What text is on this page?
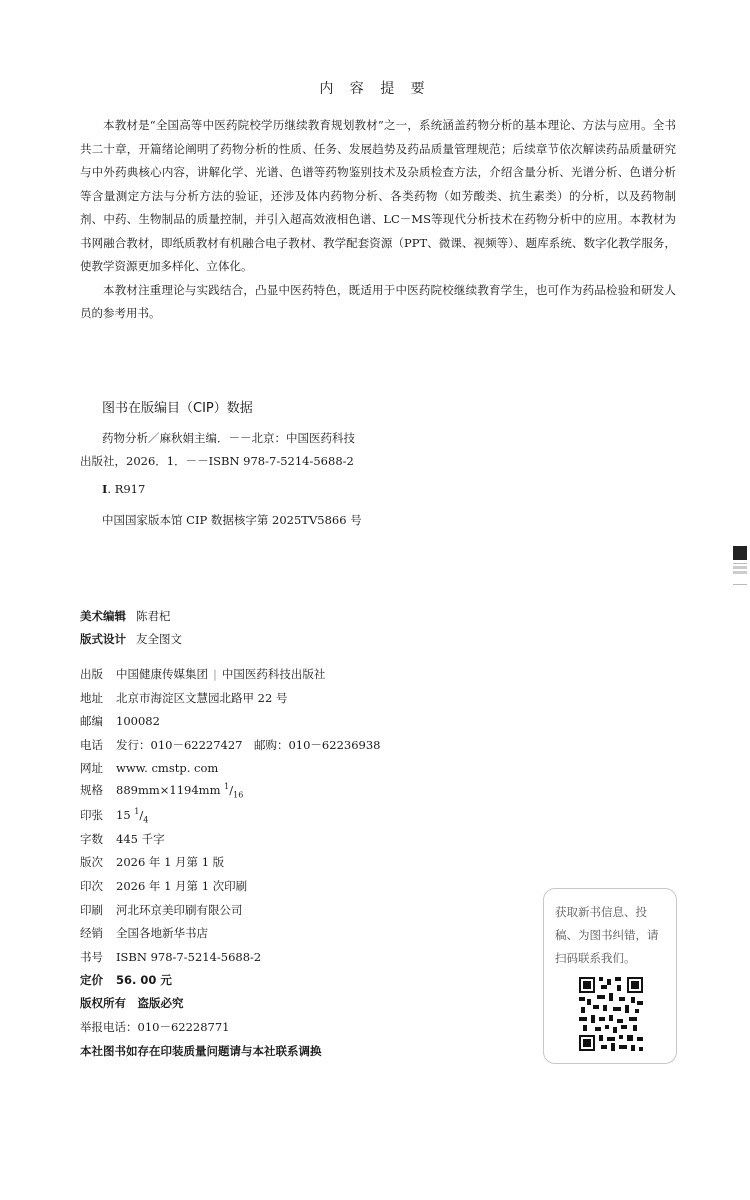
内 容 提 要

本教材是“全国高等中医药院校学历继续教育规划教材”之一，系统涵盖药物分析的基本理论、方法与应用。全书共二十章，开篇绪论阐明了药物分析的性质、任务、发展趋势及药品质量管理规范；后续章节依次解读药品质量研究与中外药典核心内容，讲解化学、光谱、色谱等药物鉴别技术及杂质检查方法，介绍含量分析、光谱分析、色谱分析等含量测定方法与分析方法的验证，还涉及体内药物分析、各类药物（如芳酸类、抗生素类）的分析，以及药物制剂、中药、生物制品的质量控制，并引入超高效液相色谱、LC－MS等现代分析技术在药物分析中的应用。本教材为书网融合教材，即纸质教材有机融合电子教材、教学配套资源（PPT、微课、视频等）、题库系统、数字化教学服务，使教学资源更加多样化、立体化。

本教材注重理论与实践结合，凸显中医药特色，既适用于中医药院校继续教育学生，也可作为药品检验和研发人员的参考用书。

图书在版编目（CIP）数据
药物分析／麻秋娟主编．－－北京：中国医药科技
出版社，2026．1．－－ISBN 978-7-5214-5688-2
Ⅰ. R917
中国国家版本馆 CIP 数据核字第 2025TV5866 号
美术编辑 陈君杞
版式设计 友全图文
出版 中国健康传媒集团 | 中国医药科技出版社
地址 北京市海淀区文慧园北路甲 22 号
邮编 100082
电话 发行：010－62227427　邮购：010－62236938
网址 www. cmstp. com
规格 889mm×1194mm $^1/_{16}$
印张 15 $^1/_4$
字数 445 千字
版次 2026 年 1 月第 1 版
印次 2026 年 1 月第 1 次印刷
印刷 河北环京美印刷有限公司
经销 全国各地新华书店
书号 ISBN 978-7-5214-5688-2
定价 56. 00 元
版权所有　盗版必究
举报电话：010－62228771
本社图书如存在印装质量问题请与本社联系调换
获取新书信息、投稿、为图书纠错，请扫码联系我们。
